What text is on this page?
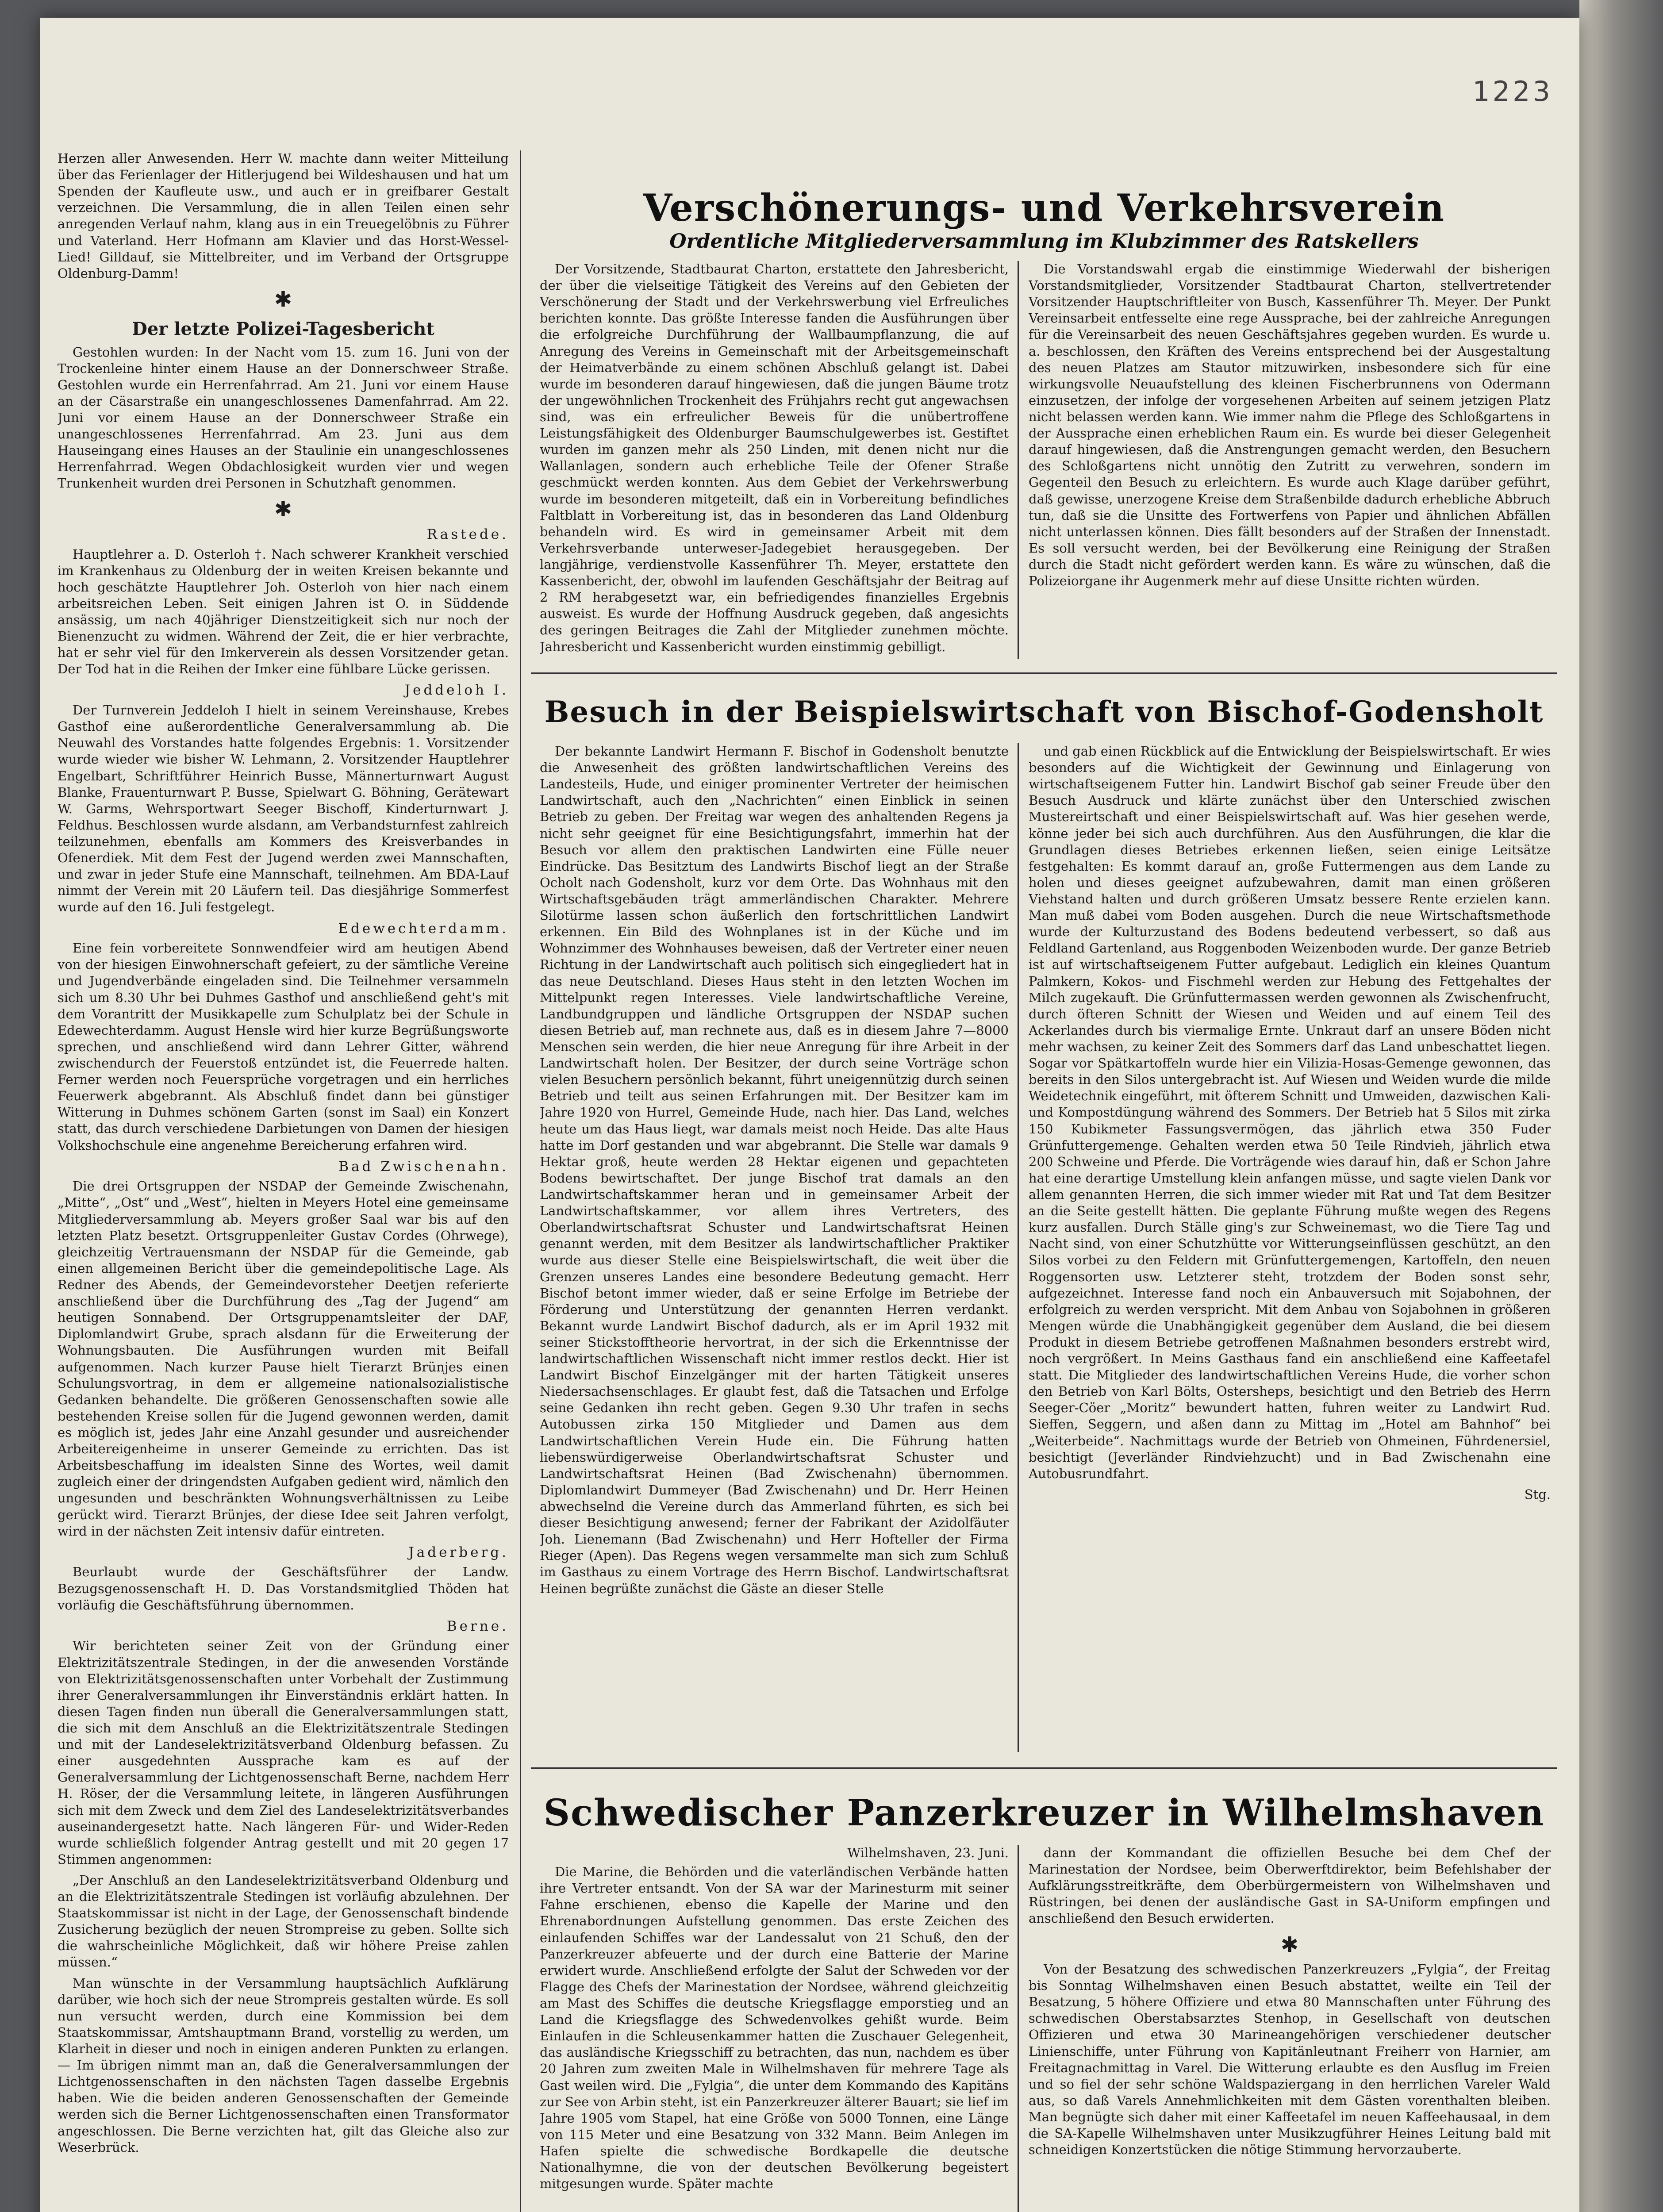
1223

Herzen aller Anwesenden. Herr W. machte dann weiter Mitteilung über das Ferienlager der Hitlerjugend bei Wildeshausen und hat um Spenden der Kaufleute usw., und auch er in greifbarer Gestalt verzeichnen. Die Versammlung, die in allen Teilen einen sehr anregenden Verlauf nahm, klang aus in ein Treuegelöbnis zu Führer und Vaterland. Herr Hofmann am Klavier und das Horst-Wessel-Lied! Gilldauf, sie Mittelbreiter, und im Verband der Ortsgruppe Oldenburg-Damm!

✱
Der letzte Polizei-Tagesbericht

Gestohlen wurden: In der Nacht vom 15. zum 16. Juni von der Trockenleine hinter einem Hause an der Donnerschweer Straße. Gestohlen wurde ein Herrenfahrrad. Am 21. Juni vor einem Hause an der Cäsarstraße ein unangeschlossenes Damenfahrrad. Am 22. Juni vor einem Hause an der Donnerschweer Straße ein unangeschlossenes Herrenfahrrad. Am 23. Juni aus dem Hauseingang eines Hauses an der Staulinie ein unangeschlossenes Herrenfahrrad. Wegen Obdachlosigkeit wurden vier und wegen Trunkenheit wurden drei Personen in Schutzhaft genommen.

✱
Rastede.

Hauptlehrer a. D. Osterloh †. Nach schwerer Krankheit verschied im Krankenhaus zu Oldenburg der in weiten Kreisen bekannte und hoch geschätzte Hauptlehrer Joh. Osterloh von hier nach einem arbeitsreichen Leben. Seit einigen Jahren ist O. in Süddende ansässig, um nach 40jähriger Dienstzeitigkeit sich nur noch der Bienenzucht zu widmen. Während der Zeit, die er hier verbrachte, hat er sehr viel für den Imkerverein als dessen Vorsitzender getan. Der Tod hat in die Reihen der Imker eine fühlbare Lücke gerissen.

Jeddeloh I.

Der Turnverein Jeddeloh I hielt in seinem Vereinshause, Krebes Gasthof eine außerordentliche Generalversammlung ab. Die Neuwahl des Vorstandes hatte folgendes Ergebnis: 1. Vorsitzender wurde wieder wie bisher W. Lehmann, 2. Vorsitzender Hauptlehrer Engelbart, Schriftführer Heinrich Busse, Männerturnwart August Blanke, Frauenturnwart P. Busse, Spielwart G. Böhning, Gerätewart W. Garms, Wehrsportwart Seeger Bischoff, Kinderturnwart J. Feldhus. Beschlossen wurde alsdann, am Verbandsturnfest zahlreich teilzunehmen, ebenfalls am Kommers des Kreisverbandes in Ofenerdiek. Mit dem Fest der Jugend werden zwei Mannschaften, und zwar in jeder Stufe eine Mannschaft, teilnehmen. Am BDA-Lauf nimmt der Verein mit 20 Läufern teil. Das diesjährige Sommerfest wurde auf den 16. Juli festgelegt.

Edewechterdamm.

Eine fein vorbereitete Sonnwendfeier wird am heutigen Abend von der hiesigen Einwohnerschaft gefeiert, zu der sämtliche Vereine und Jugendverbände eingeladen sind. Die Teilnehmer versammeln sich um 8.30 Uhr bei Duhmes Gasthof und anschließend geht's mit dem Vorantritt der Musikkapelle zum Schulplatz bei der Schule in Edewechterdamm. August Hensle wird hier kurze Begrüßungsworte sprechen, und anschließend wird dann Lehrer Gitter, während zwischendurch der Feuerstoß entzündet ist, die Feuerrede halten. Ferner werden noch Feuersprüche vorgetragen und ein herrliches Feuerwerk abgebrannt. Als Abschluß findet dann bei günstiger Witterung in Duhmes schönem Garten (sonst im Saal) ein Konzert statt, das durch verschiedene Darbietungen von Damen der hiesigen Volkshochschule eine angenehme Bereicherung erfahren wird.

Bad Zwischenahn.

Die drei Ortsgruppen der NSDAP der Gemeinde Zwischenahn, „Mitte“, „Ost“ und „West“, hielten in Meyers Hotel eine gemeinsame Mitgliederversammlung ab. Meyers großer Saal war bis auf den letzten Platz besetzt. Ortsgruppenleiter Gustav Cordes (Ohrwege), gleichzeitig Vertrauensmann der NSDAP für die Gemeinde, gab einen allgemeinen Bericht über die gemeindepolitische Lage. Als Redner des Abends, der Gemeindevorsteher Deetjen referierte anschließend über die Durchführung des „Tag der Jugend“ am heutigen Sonnabend. Der Ortsgruppenamtsleiter der DAF, Diplomlandwirt Grube, sprach alsdann für die Erweiterung der Wohnungsbauten. Die Ausführungen wurden mit Beifall aufgenommen. Nach kurzer Pause hielt Tierarzt Brünjes einen Schulungsvortrag, in dem er allgemeine nationalsozialistische Gedanken behandelte. Die größeren Genossenschaften sowie alle bestehenden Kreise sollen für die Jugend gewonnen werden, damit es möglich ist, jedes Jahr eine Anzahl gesunder und ausreichender Arbeitereigenheime in unserer Gemeinde zu errichten. Das ist Arbeitsbeschaffung im idealsten Sinne des Wortes, weil damit zugleich einer der dringendsten Aufgaben gedient wird, nämlich den ungesunden und beschränkten Wohnungsverhältnissen zu Leibe gerückt wird. Tierarzt Brünjes, der diese Idee seit Jahren verfolgt, wird in der nächsten Zeit intensiv dafür eintreten.

Jaderberg.

Beurlaubt wurde der Geschäftsführer der Landw. Bezugsgenossenschaft H. D. Das Vorstandsmitglied Thöden hat vorläufig die Geschäftsführung übernommen.

Berne.

Wir berichteten seiner Zeit von der Gründung einer Elektrizitätszentrale Stedingen, in der die anwesenden Vorstände von Elektrizitätsgenossenschaften unter Vorbehalt der Zustimmung ihrer Generalversammlungen ihr Einverständnis erklärt hatten. In diesen Tagen finden nun überall die Generalversammlungen statt, die sich mit dem Anschluß an die Elektrizitätszentrale Stedingen und mit der Landeselektrizitätsverband Oldenburg befassen. Zu einer ausgedehnten Aussprache kam es auf der Generalversammlung der Lichtgenossenschaft Berne, nachdem Herr H. Röser, der die Versammlung leitete, in längeren Ausführungen sich mit dem Zweck und dem Ziel des Landeselektrizitätsverbandes auseinandergesetzt hatte. Nach längeren Für- und Wider-Reden wurde schließlich folgender Antrag gestellt und mit 20 gegen 17 Stimmen angenommen:

„Der Anschluß an den Landeselektrizitätsverband Oldenburg und an die Elektrizitätszentrale Stedingen ist vorläufig abzulehnen. Der Staatskommissar ist nicht in der Lage, der Genossenschaft bindende Zusicherung bezüglich der neuen Strompreise zu geben. Sollte sich die wahrscheinliche Möglichkeit, daß wir höhere Preise zahlen müssen.“

Man wünschte in der Versammlung hauptsächlich Aufklärung darüber, wie hoch sich der neue Strompreis gestalten würde. Es soll nun versucht werden, durch eine Kommission bei dem Staatskommissar, Amtshauptmann Brand, vorstellig zu werden, um Klarheit in dieser und noch in einigen anderen Punkten zu erlangen. — Im übrigen nimmt man an, daß die Generalversammlungen der Lichtgenossenschaften in den nächsten Tagen dasselbe Ergebnis haben. Wie die beiden anderen Genossenschaften der Gemeinde werden sich die Berner Lichtgenossenschaften einen Transformator angeschlossen. Die Berne verzichten hat, gilt das Gleiche also zur Weserbrück.

Verschönerungs- und Verkehrsverein
Ordentliche Mitgliederversammlung im Klubzimmer des Ratskellers

Der Vorsitzende, Stadtbaurat Charton, erstattete den Jahresbericht, der über die vielseitige Tätigkeit des Vereins auf den Gebieten der Verschönerung der Stadt und der Verkehrswerbung viel Erfreuliches berichten konnte. Das größte Interesse fanden die Ausführungen über die erfolgreiche Durchführung der Wallbaumpflanzung, die auf Anregung des Vereins in Gemeinschaft mit der Arbeitsgemeinschaft der Heimatverbände zu einem schönen Abschluß gelangt ist. Dabei wurde im besonderen darauf hingewiesen, daß die jungen Bäume trotz der ungewöhnlichen Trockenheit des Frühjahrs recht gut angewachsen sind, was ein erfreulicher Beweis für die unübertroffene Leistungsfähigkeit des Oldenburger Baumschulgewerbes ist. Gestiftet wurden im ganzen mehr als 250 Linden, mit denen nicht nur die Wallanlagen, sondern auch erhebliche Teile der Ofener Straße geschmückt werden konnten. Aus dem Gebiet der Verkehrswerbung wurde im besonderen mitgeteilt, daß ein in Vorbereitung befindliches Faltblatt in Vorbereitung ist, das in besonderen das Land Oldenburg behandeln wird. Es wird in gemeinsamer Arbeit mit dem Verkehrsverbande unterweser-Jadegebiet herausgegeben. Der langjährige, verdienstvolle Kassenführer Th. Meyer, erstattete den Kassenbericht, der, obwohl im laufenden Geschäftsjahr der Beitrag auf 2 RM herabgesetzt war, ein befriedigendes finanzielles Ergebnis ausweist. Es wurde der Hoffnung Ausdruck gegeben, daß angesichts des geringen Beitrages die Zahl der Mitglieder zunehmen möchte. Jahresbericht und Kassenbericht wurden einstimmig gebilligt.

Die Vorstandswahl ergab die einstimmige Wiederwahl der bisherigen Vorstandsmitglieder, Vorsitzender Stadtbaurat Charton, stellvertretender Vorsitzender Hauptschriftleiter von Busch, Kassenführer Th. Meyer. Der Punkt Vereinsarbeit entfesselte eine rege Aussprache, bei der zahlreiche Anregungen für die Vereinsarbeit des neuen Geschäftsjahres gegeben wurden. Es wurde u. a. beschlossen, den Kräften des Vereins entsprechend bei der Ausgestaltung des neuen Platzes am Stautor mitzuwirken, insbesondere sich für eine wirkungsvolle Neuaufstellung des kleinen Fischerbrunnens von Odermann einzusetzen, der infolge der vorgesehenen Arbeiten auf seinem jetzigen Platz nicht belassen werden kann. Wie immer nahm die Pflege des Schloßgartens in der Aussprache einen erheblichen Raum ein. Es wurde bei dieser Gelegenheit darauf hingewiesen, daß die Anstrengungen gemacht werden, den Besuchern des Schloßgartens nicht unnötig den Zutritt zu verwehren, sondern im Gegenteil den Besuch zu erleichtern. Es wurde auch Klage darüber geführt, daß gewisse, unerzogene Kreise dem Straßenbilde dadurch erhebliche Abbruch tun, daß sie die Unsitte des Fortwerfens von Papier und ähnlichen Abfällen nicht unterlassen können. Dies fällt besonders auf der Straßen der Innenstadt. Es soll versucht werden, bei der Bevölkerung eine Reinigung der Straßen durch die Stadt nicht gefördert werden kann. Es wäre zu wünschen, daß die Polizeiorgane ihr Augenmerk mehr auf diese Unsitte richten würden.

Besuch in der Beispielswirtschaft von Bischof-Godensholt

Der bekannte Landwirt Hermann F. Bischof in Godensholt benutzte die Anwesenheit des größten landwirtschaftlichen Vereins des Landesteils, Hude, und einiger prominenter Vertreter der heimischen Landwirtschaft, auch den „Nachrichten“ einen Einblick in seinen Betrieb zu geben. Der Freitag war wegen des anhaltenden Regens ja nicht sehr geeignet für eine Besichtigungsfahrt, immerhin hat der Besuch vor allem den praktischen Landwirten eine Fülle neuer Eindrücke. Das Besitztum des Landwirts Bischof liegt an der Straße Ocholt nach Godensholt, kurz vor dem Orte. Das Wohnhaus mit den Wirtschaftsgebäuden trägt ammerländischen Charakter. Mehrere Silotürme lassen schon äußerlich den fortschrittlichen Landwirt erkennen. Ein Bild des Wohnplanes ist in der Küche und im Wohnzimmer des Wohnhauses beweisen, daß der Vertreter einer neuen Richtung in der Landwirtschaft auch politisch sich eingegliedert hat in das neue Deutschland. Dieses Haus steht in den letzten Wochen im Mittelpunkt regen Interesses. Viele landwirtschaftliche Vereine, Landbundgruppen und ländliche Ortsgruppen der NSDAP suchen diesen Betrieb auf, man rechnete aus, daß es in diesem Jahre 7—8000 Menschen sein werden, die hier neue Anregung für ihre Arbeit in der Landwirtschaft holen. Der Besitzer, der durch seine Vorträge schon vielen Besuchern persönlich bekannt, führt uneigennützig durch seinen Betrieb und teilt aus seinen Erfahrungen mit. Der Besitzer kam im Jahre 1920 von Hurrel, Gemeinde Hude, nach hier. Das Land, welches heute um das Haus liegt, war damals meist noch Heide. Das alte Haus hatte im Dorf gestanden und war abgebrannt. Die Stelle war damals 9 Hektar groß, heute werden 28 Hektar eigenen und gepachteten Bodens bewirtschaftet. Der junge Bischof trat damals an den Landwirtschaftskammer heran und in gemeinsamer Arbeit der Landwirtschaftskammer, vor allem ihres Vertreters, des Oberlandwirtschaftsrat Schuster und Landwirtschaftsrat Heinen genannt werden, mit dem Besitzer als landwirtschaftlicher Praktiker wurde aus dieser Stelle eine Beispielswirtschaft, die weit über die Grenzen unseres Landes eine besondere Bedeutung gemacht. Herr Bischof betont immer wieder, daß er seine Erfolge im Betriebe der Förderung und Unterstützung der genannten Herren verdankt. Bekannt wurde Landwirt Bischof dadurch, als er im April 1932 mit seiner Stickstofftheorie hervortrat, in der sich die Erkenntnisse der landwirtschaftlichen Wissenschaft nicht immer restlos deckt. Hier ist Landwirt Bischof Einzelgänger mit der harten Tätigkeit unseres Niedersachsenschlages. Er glaubt fest, daß die Tatsachen und Erfolge seine Gedanken ihn recht geben. Gegen 9.30 Uhr trafen in sechs Autobussen zirka 150 Mitglieder und Damen aus dem Landwirtschaftlichen Verein Hude ein. Die Führung hatten liebenswürdigerweise Oberlandwirtschaftsrat Schuster und Landwirtschaftsrat Heinen (Bad Zwischenahn) übernommen. Diplomlandwirt Dummeyer (Bad Zwischenahn) und Dr. Herr Heinen abwechselnd die Vereine durch das Ammerland führten, es sich bei dieser Besichtigung anwesend; ferner der Fabrikant der Azidolfäuter Joh. Lienemann (Bad Zwischenahn) und Herr Hofteller der Firma Rieger (Apen). Das Regens wegen versammelte man sich zum Schluß im Gasthaus zu einem Vortrage des Herrn Bischof. Landwirtschaftsrat Heinen begrüßte zunächst die Gäste an dieser Stelle

und gab einen Rückblick auf die Entwicklung der Beispielswirtschaft. Er wies besonders auf die Wichtigkeit der Gewinnung und Einlagerung von wirtschaftseigenem Futter hin. Landwirt Bischof gab seiner Freude über den Besuch Ausdruck und klärte zunächst über den Unterschied zwischen Mustereirtschaft und einer Beispielswirtschaft auf. Was hier gesehen werde, könne jeder bei sich auch durchführen. Aus den Ausführungen, die klar die Grundlagen dieses Betriebes erkennen ließen, seien einige Leitsätze festgehalten: Es kommt darauf an, große Futtermengen aus dem Lande zu holen und dieses geeignet aufzubewahren, damit man einen größeren Viehstand halten und durch größeren Umsatz bessere Rente erzielen kann. Man muß dabei vom Boden ausgehen. Durch die neue Wirtschaftsmethode wurde der Kulturzustand des Bodens bedeutend verbessert, so daß aus Feldland Gartenland, aus Roggenboden Weizenboden wurde. Der ganze Betrieb ist auf wirtschaftseigenem Futter aufgebaut. Lediglich ein kleines Quantum Palmkern, Kokos- und Fischmehl werden zur Hebung des Fettgehaltes der Milch zugekauft. Die Grünfuttermassen werden gewonnen als Zwischenfrucht, durch öfteren Schnitt der Wiesen und Weiden und auf einem Teil des Ackerlandes durch bis viermalige Ernte. Unkraut darf an unsere Böden nicht mehr wachsen, zu keiner Zeit des Sommers darf das Land unbeschattet liegen. Sogar vor Spätkartoffeln wurde hier ein Vilizia-Hosas-Gemenge gewonnen, das bereits in den Silos untergebracht ist. Auf Wiesen und Weiden wurde die milde Weidetechnik eingeführt, mit öfterem Schnitt und Umweiden, dazwischen Kali- und Kompostdüngung während des Sommers. Der Betrieb hat 5 Silos mit zirka 150 Kubikmeter Fassungsvermögen, das jährlich etwa 350 Fuder Grünfuttergemenge. Gehalten werden etwa 50 Teile Rindvieh, jährlich etwa 200 Schweine und Pferde. Die Vorträgende wies darauf hin, daß er Schon Jahre hat eine derartige Umstellung klein anfangen müsse, und sagte vielen Dank vor allem genannten Herren, die sich immer wieder mit Rat und Tat dem Besitzer an die Seite gestellt hätten. Die geplante Führung mußte wegen des Regens kurz ausfallen. Durch Ställe ging's zur Schweinemast, wo die Tiere Tag und Nacht sind, von einer Schutzhütte vor Witterungseinflüssen geschützt, an den Silos vorbei zu den Feldern mit Grünfuttergemengen, Kartoffeln, den neuen Roggensorten usw. Letzterer steht, trotzdem der Boden sonst sehr, aufgezeichnet. Interesse fand noch ein Anbauversuch mit Sojabohnen, der erfolgreich zu werden verspricht. Mit dem Anbau von Sojabohnen in größeren Mengen würde die Unabhängigkeit gegenüber dem Ausland, die bei diesem Produkt in diesem Betriebe getroffenen Maßnahmen besonders erstrebt wird, noch vergrößert. In Meins Gasthaus fand ein anschließend eine Kaffeetafel statt. Die Mitglieder des landwirtschaftlichen Vereins Hude, die vorher schon den Betrieb von Karl Bölts, Ostersheps, besichtigt und den Betrieb des Herrn Seeger-Cöer „Moritz“ bewundert hatten, fuhren weiter zu Landwirt Rud. Sieffen, Seggern, und aßen dann zu Mittag im „Hotel am Bahnhof“ bei „Weiterbeide“. Nachmittags wurde der Betrieb von Ohmeinen, Führdenersiel, besichtigt (Jeverländer Rindviehzucht) und in Bad Zwischenahn eine Autobusrundfahrt.

Stg.
Schwedischer Panzerkreuzer in Wilhelmshaven
Wilhelmshaven, 23. Juni.

Die Marine, die Behörden und die vaterländischen Verbände hatten ihre Vertreter entsandt. Von der SA war der Marinesturm mit seiner Fahne erschienen, ebenso die Kapelle der Marine und den Ehrenabordnungen Aufstellung genommen. Das erste Zeichen des einlaufenden Schiffes war der Landessalut von 21 Schuß, den der Panzerkreuzer abfeuerte und der durch eine Batterie der Marine erwidert wurde. Anschließend erfolgte der Salut der Schweden vor der Flagge des Chefs der Marinestation der Nordsee, während gleichzeitig am Mast des Schiffes die deutsche Kriegsflagge emporstieg und an Land die Kriegsflagge des Schwedenvolkes gehißt wurde. Beim Einlaufen in die Schleusenkammer hatten die Zuschauer Gelegenheit, das ausländische Kriegsschiff zu betrachten, das nun, nachdem es über 20 Jahren zum zweiten Male in Wilhelmshaven für mehrere Tage als Gast weilen wird. Die „Fylgia“, die unter dem Kommando des Kapitäns zur See von Arbin steht, ist ein Panzerkreuzer älterer Bauart; sie lief im Jahre 1905 vom Stapel, hat eine Größe von 5000 Tonnen, eine Länge von 115 Meter und eine Besatzung von 332 Mann. Beim Anlegen im Hafen spielte die schwedische Bordkapelle die deutsche Nationalhymne, die von der deutschen Bevölkerung begeistert mitgesungen wurde. Später machte

dann der Kommandant die offiziellen Besuche bei dem Chef der Marinestation der Nordsee, beim Oberwerftdirektor, beim Befehlshaber der Aufklärungsstreitkräfte, dem Oberbürgermeistern von Wilhelmshaven und Rüstringen, bei denen der ausländische Gast in SA-Uniform empfingen und anschließend den Besuch erwiderten.

✱

Von der Besatzung des schwedischen Panzerkreuzers „Fylgia“, der Freitag bis Sonntag Wilhelmshaven einen Besuch abstattet, weilte ein Teil der Besatzung, 5 höhere Offiziere und etwa 80 Mannschaften unter Führung des schwedischen Oberstabsarztes Stenhop, in Gesellschaft von deutschen Offizieren und etwa 30 Marineangehörigen verschiedener deutscher Linienschiffe, unter Führung von Kapitänleutnant Freiherr von Harnier, am Freitagnachmittag in Varel. Die Witterung erlaubte es den Ausflug im Freien und so fiel der sehr schöne Waldspaziergang in den herrlichen Vareler Wald aus, so daß Varels Annehmlichkeiten mit dem Gästen vorenthalten bleiben. Man begnügte sich daher mit einer Kaffeetafel im neuen Kaffeehausaal, in dem die SA-Kapelle Wilhelmshaven unter Musikzugführer Heines Leitung bald mit schneidigen Konzertstücken die nötige Stimmung hervorzauberte.
